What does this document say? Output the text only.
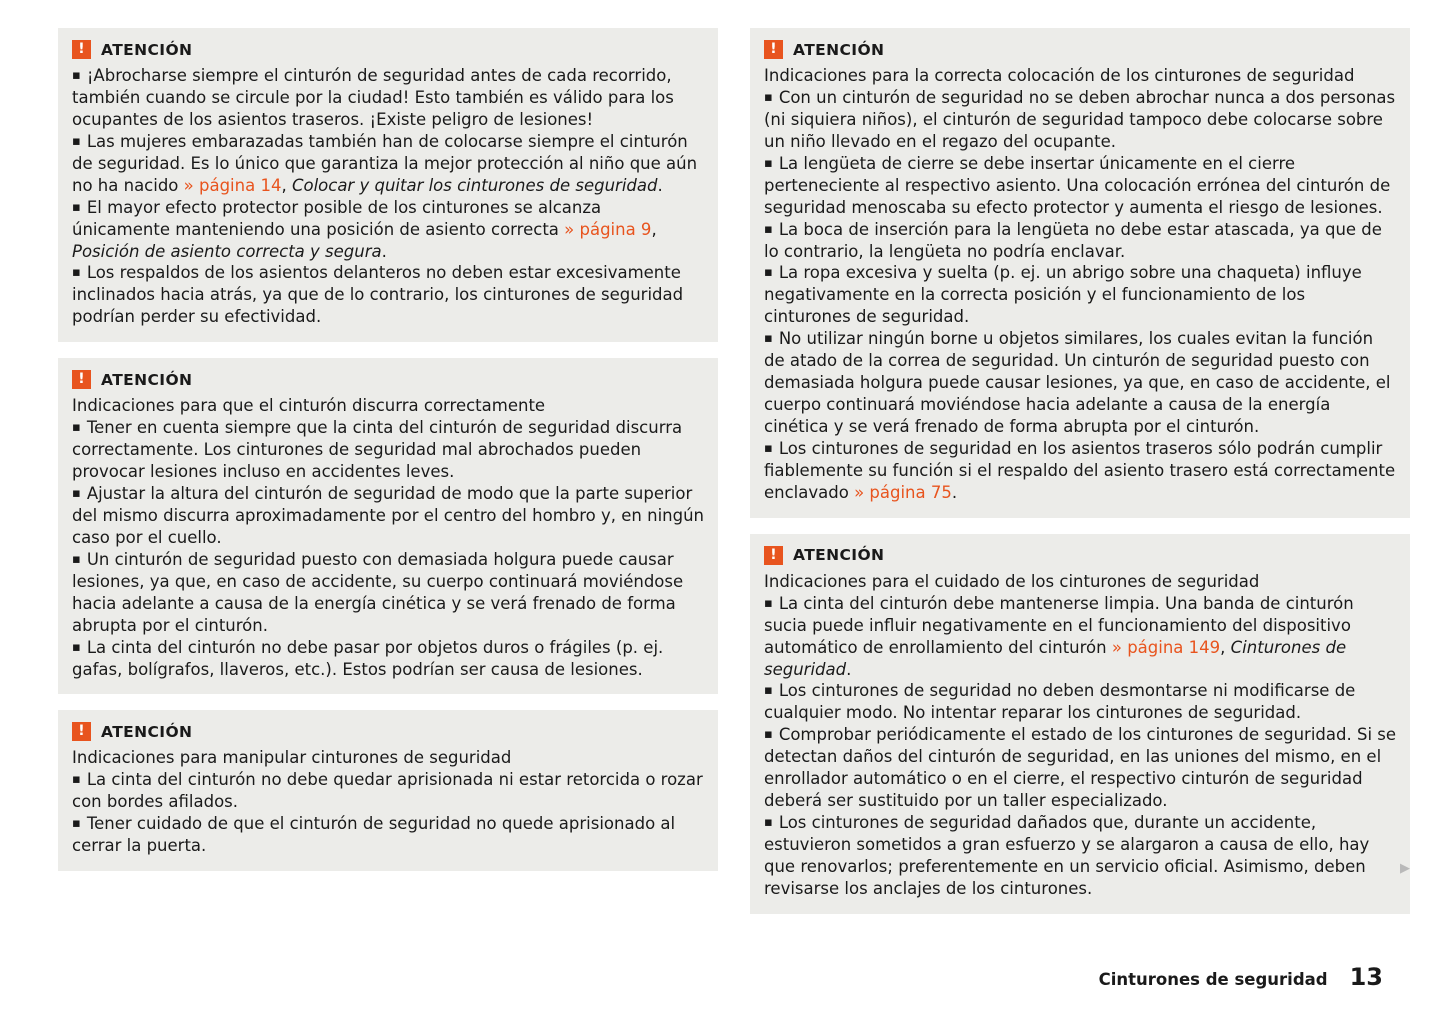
!	ATENCIÓN

▪ ¡Abrocharse siempre el cinturón de seguridad antes de cada recorrido, también cuando se circule por la ciudad! Esto también es válido para los ocupantes de los asientos traseros. ¡Existe peligro de lesiones!

▪ Las mujeres embarazadas también han de colocarse siempre el cinturón de seguridad. Es lo único que garantiza la mejor protección al niño que aún no ha nacido » página 14, Colocar y quitar los cinturones de seguridad.

▪ El mayor efecto protector posible de los cinturones se alcanza únicamente manteniendo una posición de asiento correcta » página 9, Posición de asiento correcta y segura.

▪ Los respaldos de los asientos delanteros no deben estar excesivamente inclinados hacia atrás, ya que de lo contrario, los cinturones de seguridad podrían perder su efectividad.

!	ATENCIÓN

Indicaciones para que el cinturón discurra correctamente

▪ Tener en cuenta siempre que la cinta del cinturón de seguridad discurra correctamente. Los cinturones de seguridad mal abrochados pueden provocar lesiones incluso en accidentes leves.

▪ Ajustar la altura del cinturón de seguridad de modo que la parte superior del mismo discurra aproximadamente por el centro del hombro y, en ningún caso por el cuello.

▪ Un cinturón de seguridad puesto con demasiada holgura puede causar lesiones, ya que, en caso de accidente, su cuerpo continuará moviéndose hacia adelante a causa de la energía cinética y se verá frenado de forma abrupta por el cinturón.

▪ La cinta del cinturón no debe pasar por objetos duros o frágiles (p. ej. gafas, bolígrafos, llaveros, etc.). Estos podrían ser causa de lesiones.

!	ATENCIÓN

Indicaciones para manipular cinturones de seguridad

▪ La cinta del cinturón no debe quedar aprisionada ni estar retorcida o rozar con bordes afilados.

▪ Tener cuidado de que el cinturón de seguridad no quede aprisionado al cerrar la puerta.

!	ATENCIÓN

Indicaciones para la correcta colocación de los cinturones de seguridad

▪ Con un cinturón de seguridad no se deben abrochar nunca a dos personas (ni siquiera niños), el cinturón de seguridad tampoco debe colocarse sobre un niño llevado en el regazo del ocupante.

▪ La lengüeta de cierre se debe insertar únicamente en el cierre perteneciente al respectivo asiento. Una colocación errónea del cinturón de seguridad menoscaba su efecto protector y aumenta el riesgo de lesiones.

▪ La boca de inserción para la lengüeta no debe estar atascada, ya que de lo contrario, la lengüeta no podría enclavar.

▪ La ropa excesiva y suelta (p. ej. un abrigo sobre una chaqueta) influye negativamente en la correcta posición y el funcionamiento de los cinturones de seguridad.

▪ No utilizar ningún borne u objetos similares, los cuales evitan la función de atado de la correa de seguridad. Un cinturón de seguridad puesto con demasiada holgura puede causar lesiones, ya que, en caso de accidente, el cuerpo continuará moviéndose hacia adelante a causa de la energía cinética y se verá frenado de forma abrupta por el cinturón.

▪ Los cinturones de seguridad en los asientos traseros sólo podrán cumplir fiablemente su función si el respaldo del asiento trasero está correctamente enclavado » página 75.

!	ATENCIÓN

Indicaciones para el cuidado de los cinturones de seguridad

▪ La cinta del cinturón debe mantenerse limpia. Una banda de cinturón sucia puede influir negativamente en el funcionamiento del dispositivo automático de enrollamiento del cinturón » página 149, Cinturones de seguridad.

▪ Los cinturones de seguridad no deben desmontarse ni modificarse de cualquier modo. No intentar reparar los cinturones de seguridad.

▪ Comprobar periódicamente el estado de los cinturones de seguridad. Si se detectan daños del cinturón de seguridad, en las uniones del mismo, en el enrollador automático o en el cierre, el respectivo cinturón de seguridad deberá ser sustituido por un taller especializado.

▪ Los cinturones de seguridad dañados que, durante un accidente, estuvieron sometidos a gran esfuerzo y se alargaron a causa de ello, hay que renovarlos; preferentemente en un servicio oficial. Asimismo, deben revisarse los anclajes de los cinturones.

▶
Cinturones de seguridad 13
